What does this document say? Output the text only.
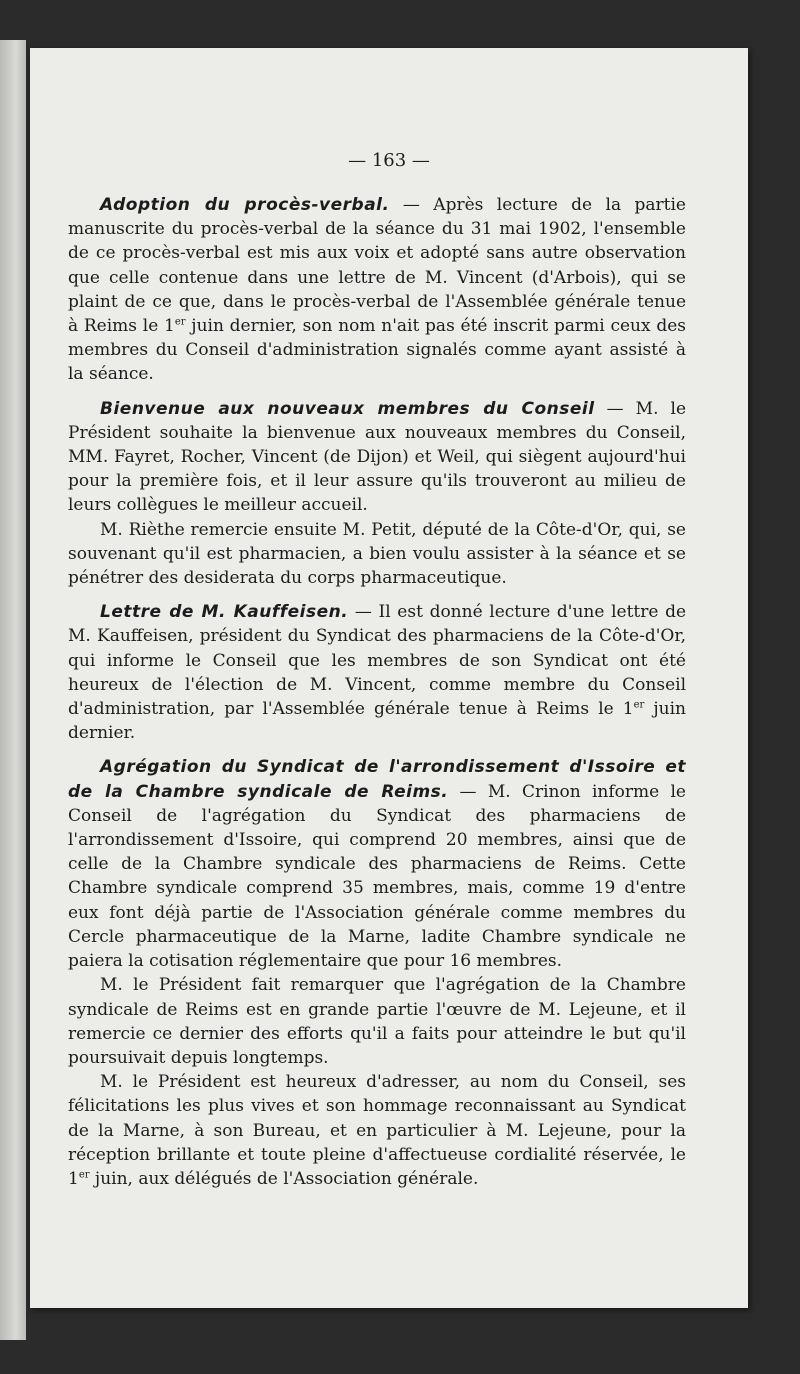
— 163 —

Adoption du procès-verbal. — Après lecture de la partie manuscrite du procès-verbal de la séance du 31 mai 1902, l'ensemble de ce procès-verbal est mis aux voix et adopté sans autre observation que celle contenue dans une lettre de M. Vincent (d'Arbois), qui se plaint de ce que, dans le procès-verbal de l'Assemblée générale tenue à Reims le 1er juin dernier, son nom n'ait pas été inscrit parmi ceux des membres du Conseil d'administration signalés comme ayant assisté à la séance.

Bienvenue aux nouveaux membres du Conseil — M. le Président souhaite la bienvenue aux nouveaux membres du Conseil, MM. Fayret, Rocher, Vincent (de Dijon) et Weil, qui siègent aujourd'hui pour la première fois, et il leur assure qu'ils trouveront au milieu de leurs collègues le meilleur accueil.

M. Rièthe remercie ensuite M. Petit, député de la Côte-d'Or, qui, se souvenant qu'il est pharmacien, a bien voulu assister à la séance et se pénétrer des desiderata du corps pharmaceutique.

Lettre de M. Kauffeisen. — Il est donné lecture d'une lettre de M. Kauffeisen, président du Syndicat des pharmaciens de la Côte-d'Or, qui informe le Conseil que les membres de son Syndicat ont été heureux de l'élection de M. Vincent, comme membre du Conseil d'administration, par l'Assemblée générale tenue à Reims le 1er juin dernier.

Agrégation du Syndicat de l'arrondissement d'Issoire et de la Chambre syndicale de Reims. — M. Crinon informe le Conseil de l'agrégation du Syndicat des pharmaciens de l'arrondissement d'Issoire, qui comprend 20 membres, ainsi que de celle de la Chambre syndicale des pharmaciens de Reims. Cette Chambre syndicale comprend 35 membres, mais, comme 19 d'entre eux font déjà partie de l'Association générale comme membres du Cercle pharmaceutique de la Marne, ladite Chambre syndicale ne paiera la cotisation réglementaire que pour 16 membres.

M. le Président fait remarquer que l'agrégation de la Chambre syndicale de Reims est en grande partie l'œuvre de M. Lejeune, et il remercie ce dernier des efforts qu'il a faits pour atteindre le but qu'il poursuivait depuis longtemps.

M. le Président est heureux d'adresser, au nom du Conseil, ses félicitations les plus vives et son hommage reconnaissant au Syndicat de la Marne, à son Bureau, et en particulier à M. Lejeune, pour la réception brillante et toute pleine d'affectueuse cordialité réservée, le 1er juin, aux délégués de l'Association générale.
